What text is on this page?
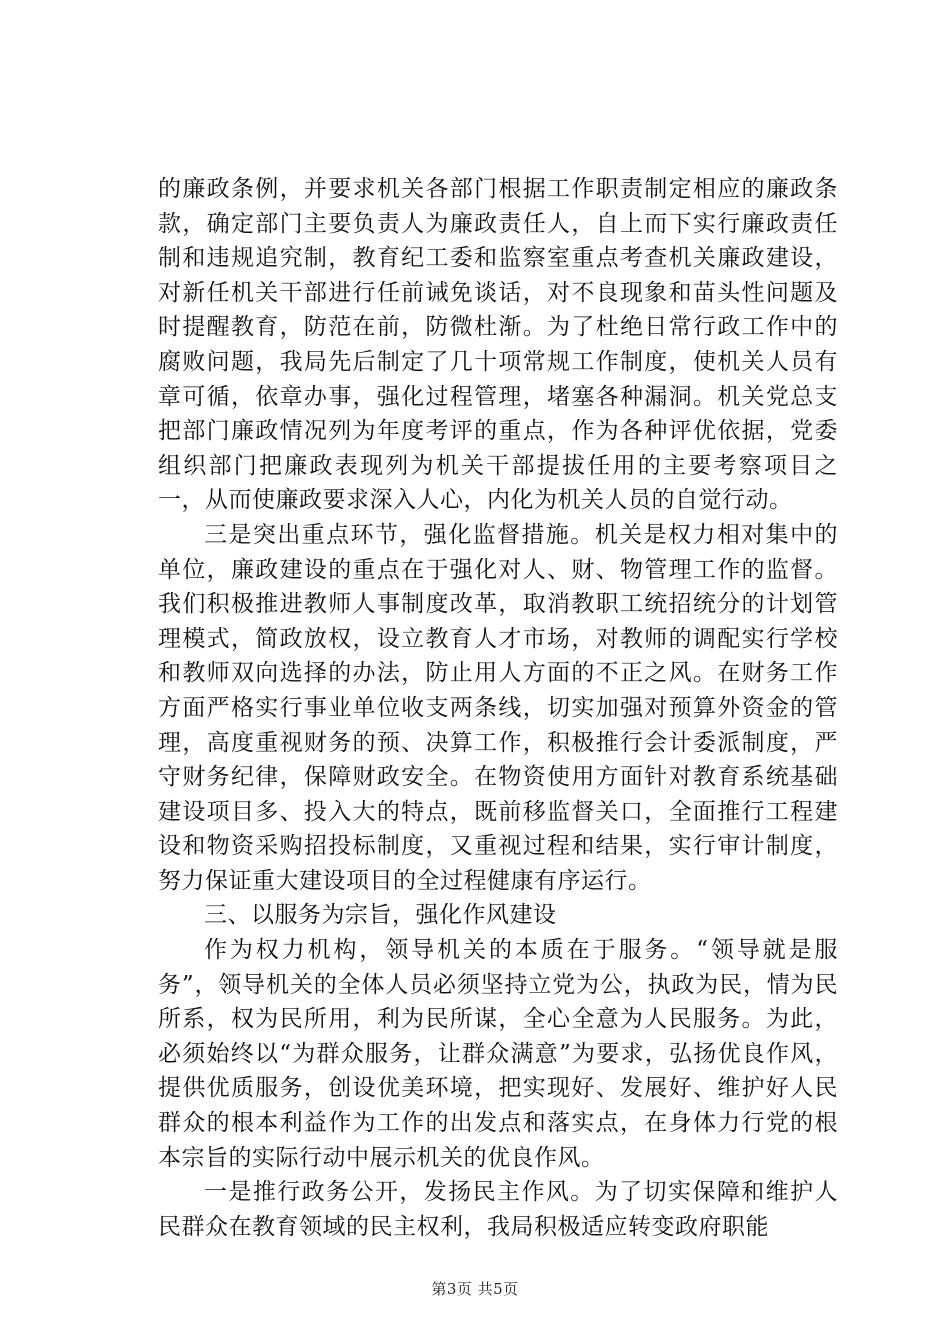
的廉政条例，并要求机关各部门根据工作职责制定相应的廉政条款，确定部门主要负责人为廉政责任人，自上而下实行廉政责任制和违规追究制，教育纪工委和监察室重点考查机关廉政建设，对新任机关干部进行任前诫免谈话，对不良现象和苗头性问题及时提醒教育，防范在前，防微杜渐。为了杜绝日常行政工作中的腐败问题，我局先后制定了几十项常规工作制度，使机关人员有章可循，依章办事，强化过程管理，堵塞各种漏洞。机关党总支把部门廉政情况列为年度考评的重点，作为各种评优依据，党委组织部门把廉政表现列为机关干部提拔任用的主要考察项目之一，从而使廉政要求深入人心，内化为机关人员的自觉行动。

三是突出重点环节，强化监督措施。机关是权力相对集中的单位，廉政建设的重点在于强化对人、财、物管理工作的监督。我们积极推进教师人事制度改革，取消教职工统招统分的计划管理模式，简政放权，设立教育人才市场，对教师的调配实行学校和教师双向选择的办法，防止用人方面的不正之风。在财务工作方面严格实行事业单位收支两条线，切实加强对预算外资金的管理，高度重视财务的预、决算工作，积极推行会计委派制度，严守财务纪律，保障财政安全。在物资使用方面针对教育系统基础建设项目多、投入大的特点，既前移监督关口，全面推行工程建设和物资采购招投标制度，又重视过程和结果，实行审计制度，努力保证重大建设项目的全过程健康有序运行。

三、以服务为宗旨，强化作风建设

作为权力机构，领导机关的本质在于服务。“领导就是服务”，领导机关的全体人员必须坚持立党为公，执政为民，情为民所系，权为民所用，利为民所谋，全心全意为人民服务。为此，必须始终以“为群众服务，让群众满意”为要求，弘扬优良作风，提供优质服务，创设优美环境，把实现好、发展好、维护好人民群众的根本利益作为工作的出发点和落实点，在身体力行党的根本宗旨的实际行动中展示机关的优良作风。

一是推行政务公开，发扬民主作风。为了切实保障和维护人民群众在教育领域的民主权利，我局积极适应转变政府职能

第3页 共5页
